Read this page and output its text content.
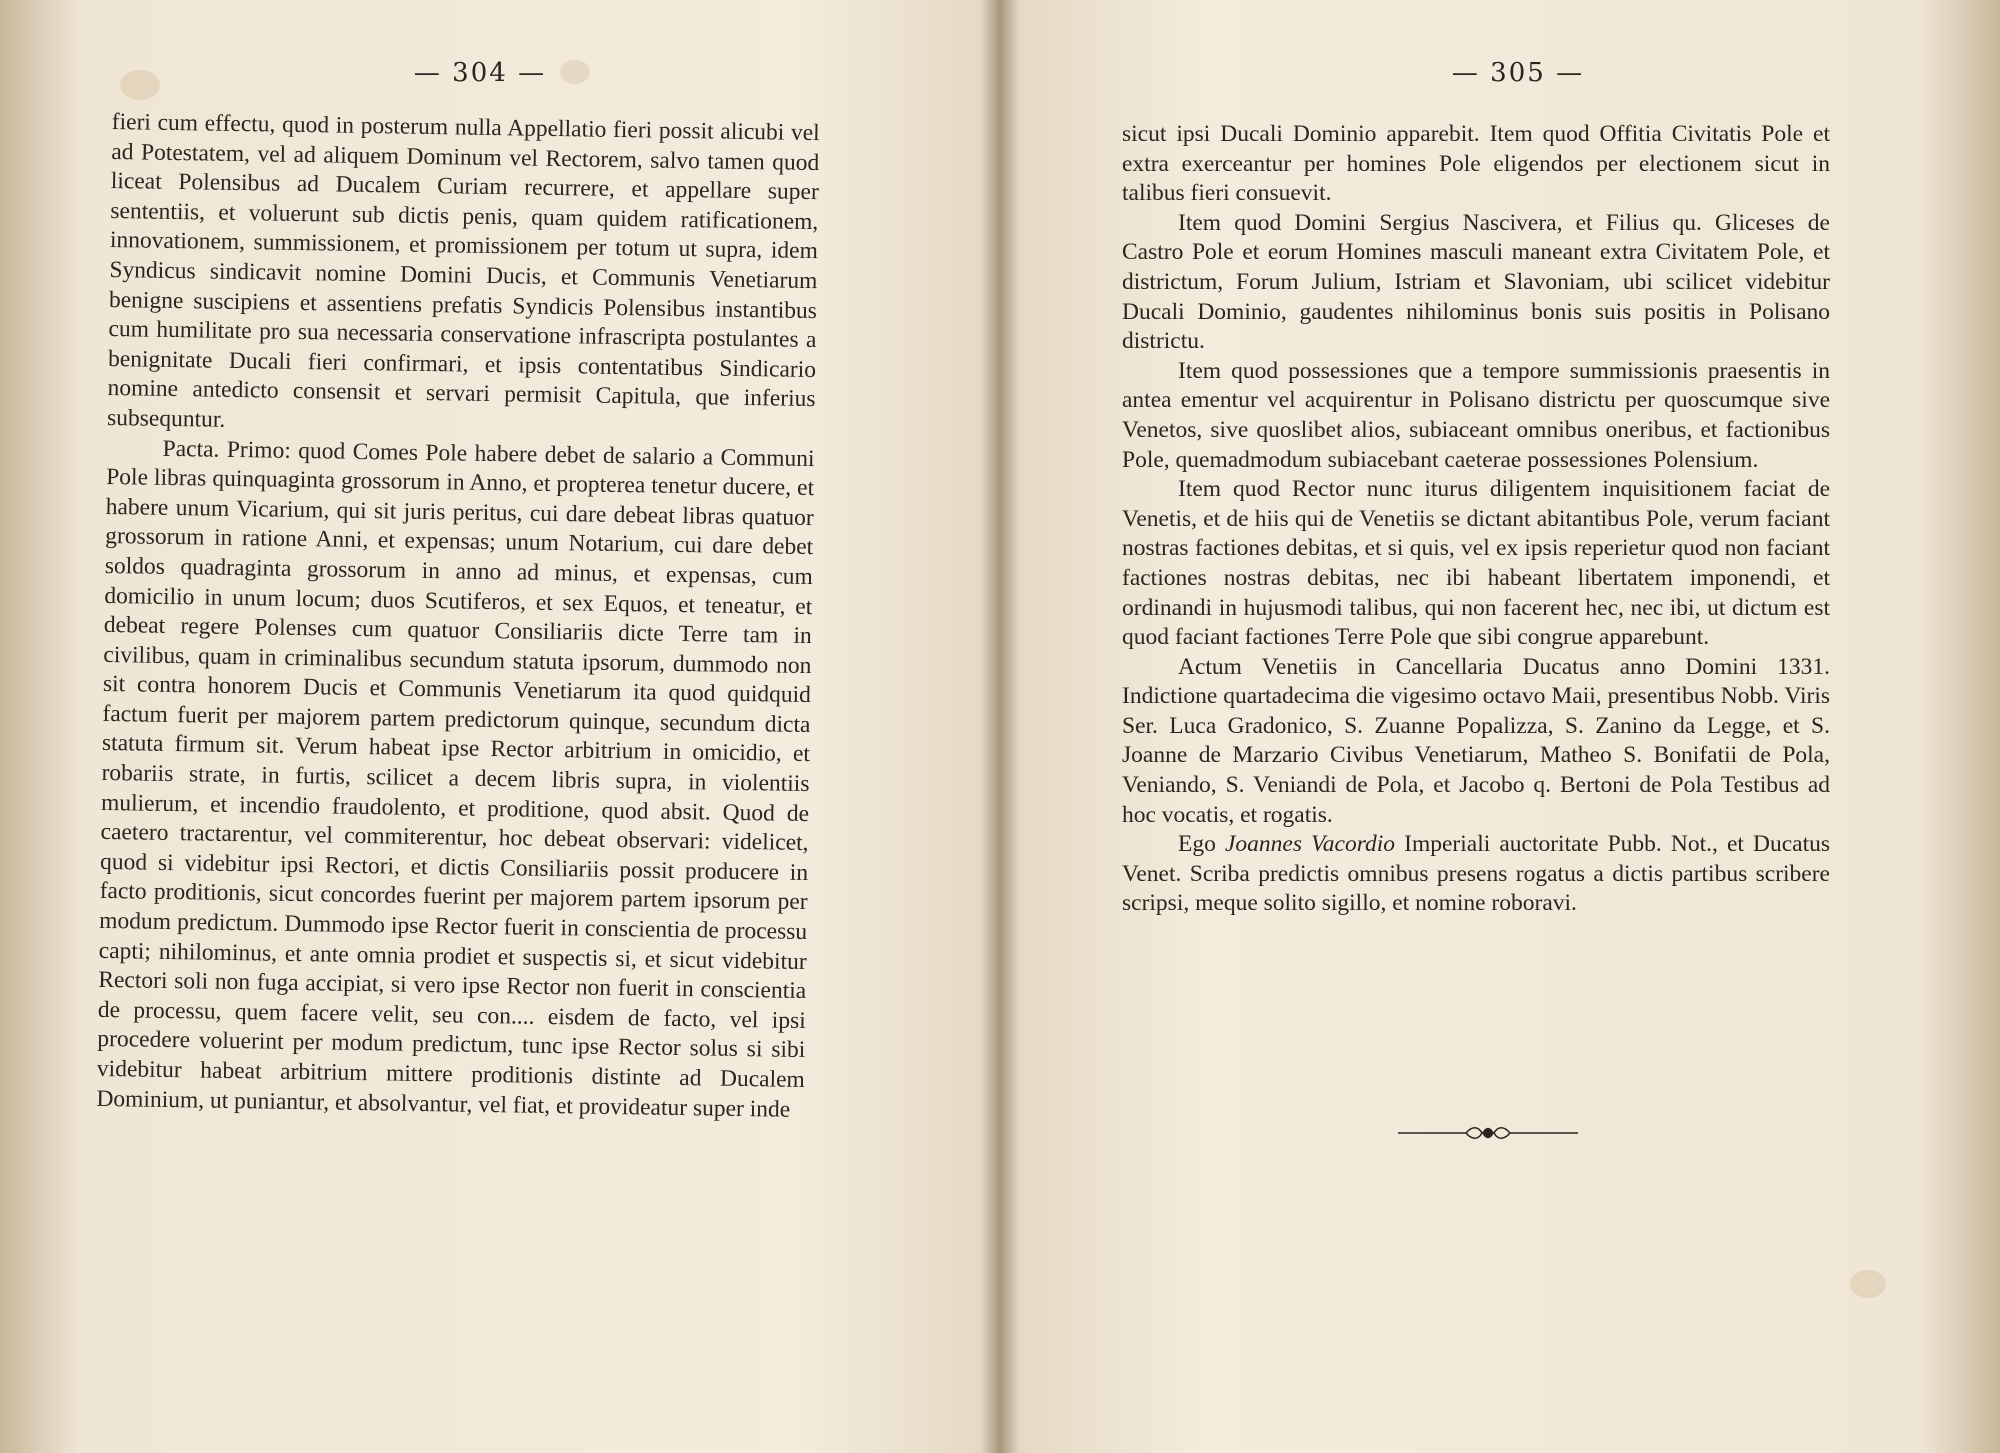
— 304 —

fieri cum effectu, quod in posterum nulla Appellatio fieri possit alicubi vel ad Potestatem, vel ad aliquem Dominum vel Rectorem, salvo tamen quod liceat Polensibus ad Ducalem Curiam recurrere, et appellare super sententiis, et voluerunt sub dictis penis, quam quidem ratificationem, innovationem, summissionem, et promissionem per totum ut supra, idem Syndicus sindicavit nomine Domini Ducis, et Communis Venetiarum benigne suscipiens et assentiens prefatis Syndicis Polensibus instantibus cum humilitate pro sua necessaria conservatione infrascripta postulantes a benignitate Ducali fieri confirmari, et ipsis contentatibus Sindicario nomine antedicto consensit et servari permisit Capitula, que inferius subsequntur.

Pacta. Primo: quod Comes Pole habere debet de salario a Communi Pole libras quinquaginta grossorum in Anno, et propterea tenetur ducere, et habere unum Vicarium, qui sit juris peritus, cui dare debeat libras quatuor grossorum in ratione Anni, et expensas; unum Notarium, cui dare debet soldos quadraginta grossorum in anno ad minus, et expensas, cum domicilio in unum locum; duos Scutiferos, et sex Equos, et teneatur, et debeat regere Polenses cum quatuor Consiliariis dicte Terre tam in civilibus, quam in criminalibus secundum statuta ipsorum, dummodo non sit contra honorem Ducis et Communis Venetiarum ita quod quidquid factum fuerit per majorem partem predictorum quinque, secundum dicta statuta firmum sit. Verum habeat ipse Rector arbitrium in omicidio, et robariis strate, in furtis, scilicet a decem libris supra, in violentiis mulierum, et incendio fraudolento, et proditione, quod absit. Quod de caetero tractarentur, vel commiterentur, hoc debeat observari: videlicet, quod si videbitur ipsi Rectori, et dictis Consiliariis possit producere in facto proditionis, sicut concordes fuerint per majorem partem ipsorum per modum predictum. Dummodo ipse Rector fuerit in conscientia de processu capti; nihilominus, et ante omnia prodiet et suspectis si, et sicut videbitur Rectori soli non fuga accipiat, si vero ipse Rector non fuerit in conscientia de processu, quem facere velit, seu con.... eisdem de facto, vel ipsi procedere voluerint per modum predictum, tunc ipse Rector solus si sibi videbitur habeat arbitrium mittere proditionis distinte ad Ducalem Dominium, ut puniantur, et absolvantur, vel fiat, et provideatur super inde

— 305 —

sicut ipsi Ducali Dominio apparebit. Item quod Offitia Civitatis Pole et extra exerceantur per homines Pole eligendos per electionem sicut in talibus fieri consuevit.

Item quod Domini Sergius Nascivera, et Filius qu. Gliceses de Castro Pole et eorum Homines masculi maneant extra Civitatem Pole, et districtum, Forum Julium, Istriam et Slavoniam, ubi scilicet videbitur Ducali Dominio, gaudentes nihilominus bonis suis positis in Polisano districtu.

Item quod possessiones que a tempore summissionis praesentis in antea ementur vel acquirentur in Polisano districtu per quoscumque sive Venetos, sive quoslibet alios, subiaceant omnibus oneribus, et factionibus Pole, quemadmodum subiacebant caeterae possessiones Polensium.

Item quod Rector nunc iturus diligentem inquisitionem faciat de Venetis, et de hiis qui de Venetiis se dictant abitantibus Pole, verum faciant nostras factiones debitas, et si quis, vel ex ipsis reperietur quod non faciant factiones nostras debitas, nec ibi habeant libertatem imponendi, et ordinandi in hujusmodi talibus, qui non facerent hec, nec ibi, ut dictum est quod faciant factiones Terre Pole que sibi congrue apparebunt.

Actum Venetiis in Cancellaria Ducatus anno Domini 1331. Indictione quartadecima die vigesimo octavo Maii, presentibus Nobb. Viris Ser. Luca Gradonico, S. Zuanne Popalizza, S. Zanino da Legge, et S. Joanne de Marzario Civibus Venetiarum, Matheo S. Bonifatii de Pola, Veniando, S. Veniandi de Pola, et Jacobo q. Bertoni de Pola Testibus ad hoc vocatis, et rogatis.

Ego Joannes Vacordio Imperiali auctoritate Pubb. Not., et Ducatus Venet. Scriba predictis omnibus presens rogatus a dictis partibus scribere scripsi, meque solito sigillo, et nomine roboravi.
